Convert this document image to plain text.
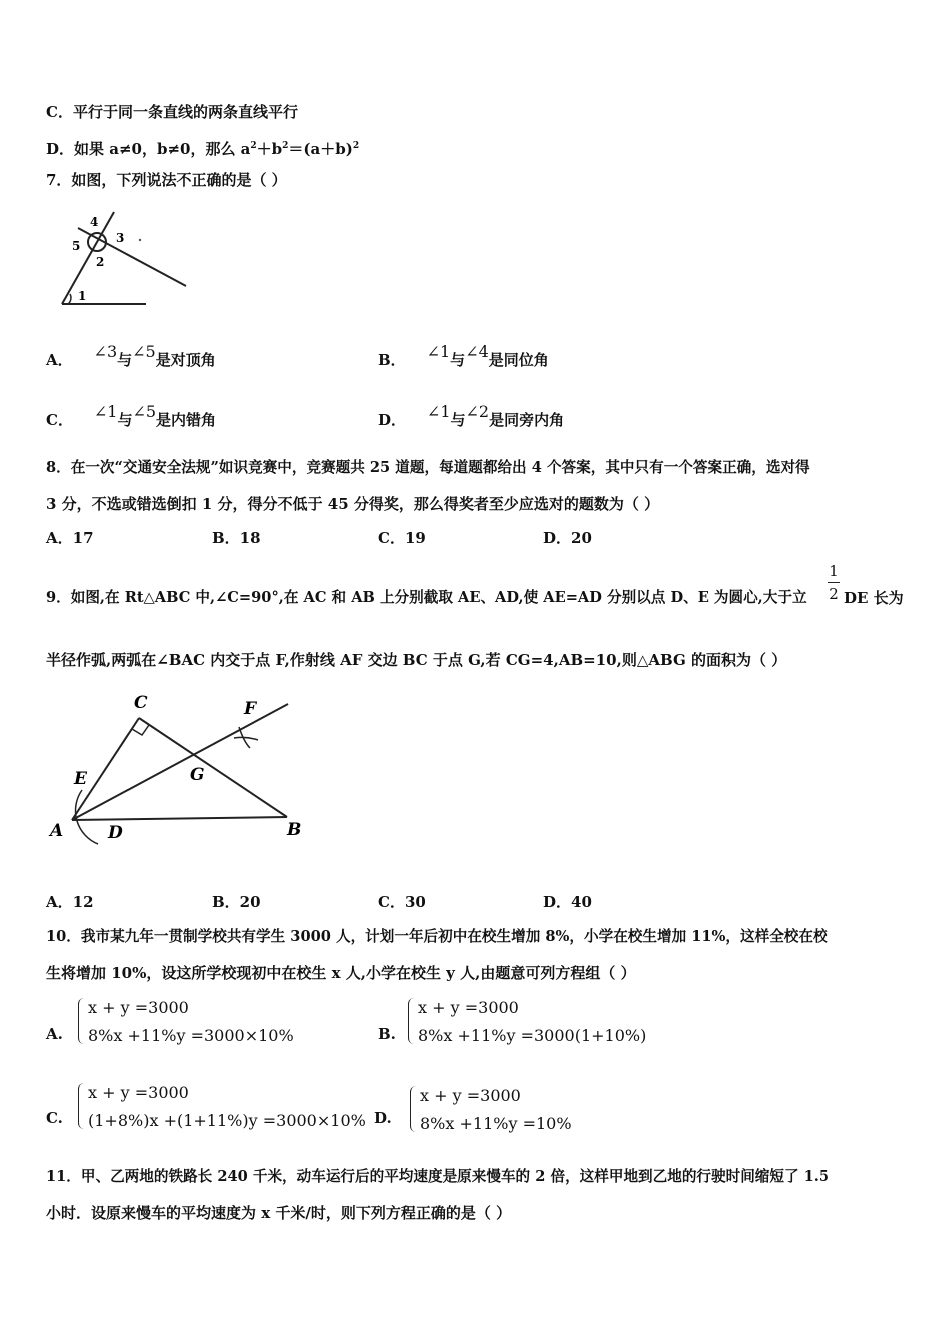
C．平行于同一条直线的两条直线平行
D．如果 a≠0，b≠0，那么 $a^2+b^2=(a+b)^2$
7．如图，下列说法不正确的是（ ）
4
3
5
2
1
A． ∠3与∠5是对顶角	B． ∠1与∠4是同位角
C． ∠1与∠5是内错角	D． ∠1与∠2是同旁内角
8．在一次“交通安全法规”如识竞赛中，竞赛题共 25 道题，每道题都给出 4 个答案，其中只有一个答案正确，选对得
3 分，不选或错选倒扣 1 分，得分不低于 45 分得奖，那么得奖者至少应选对的题数为（ ）
A．17	B．18	C．19	D．20
9．如图,在 Rt△ABC 中,∠C=90°,在 AC 和 AB 上分别截取 AE、AD,使 AE=AD 分别以点 D、E 为圆心,大于立
1
2 DE 长为
半径作弧,两弧在∠BAC 内交于点 F,作射线 AF 交边 BC 于点 G,若 CG=4,AB=10,则△ABG 的面积为（ ）
C	F
E	G
A	D	B
A．12	B．20	C．30	D．40
10．我市某九年一贯制学校共有学生 3000 人，计划一年后初中在校生增加 8%，小学在校生增加 11%，这样全校在校
生将增加 10%，设这所学校现初中在校生 x 人,小学在校生 y 人,由题意可列方程组（ ）
A.
x + y =3000
8%x +11%y =3000×10%	B.
x + y =3000
8%x +11%y =3000(1+10%)
C.
x + y =3000
(1+8%)x +(1+11%)y =3000×10% D.
x + y =3000
8%x +11%y =10%
11．甲、乙两地的铁路长 240 千米，动车运行后的平均速度是原来慢车的 2 倍，这样甲地到乙地的行驶时间缩短了 1.5
小时．设原来慢车的平均速度为 x 千米/时，则下列方程正确的是（ ）
